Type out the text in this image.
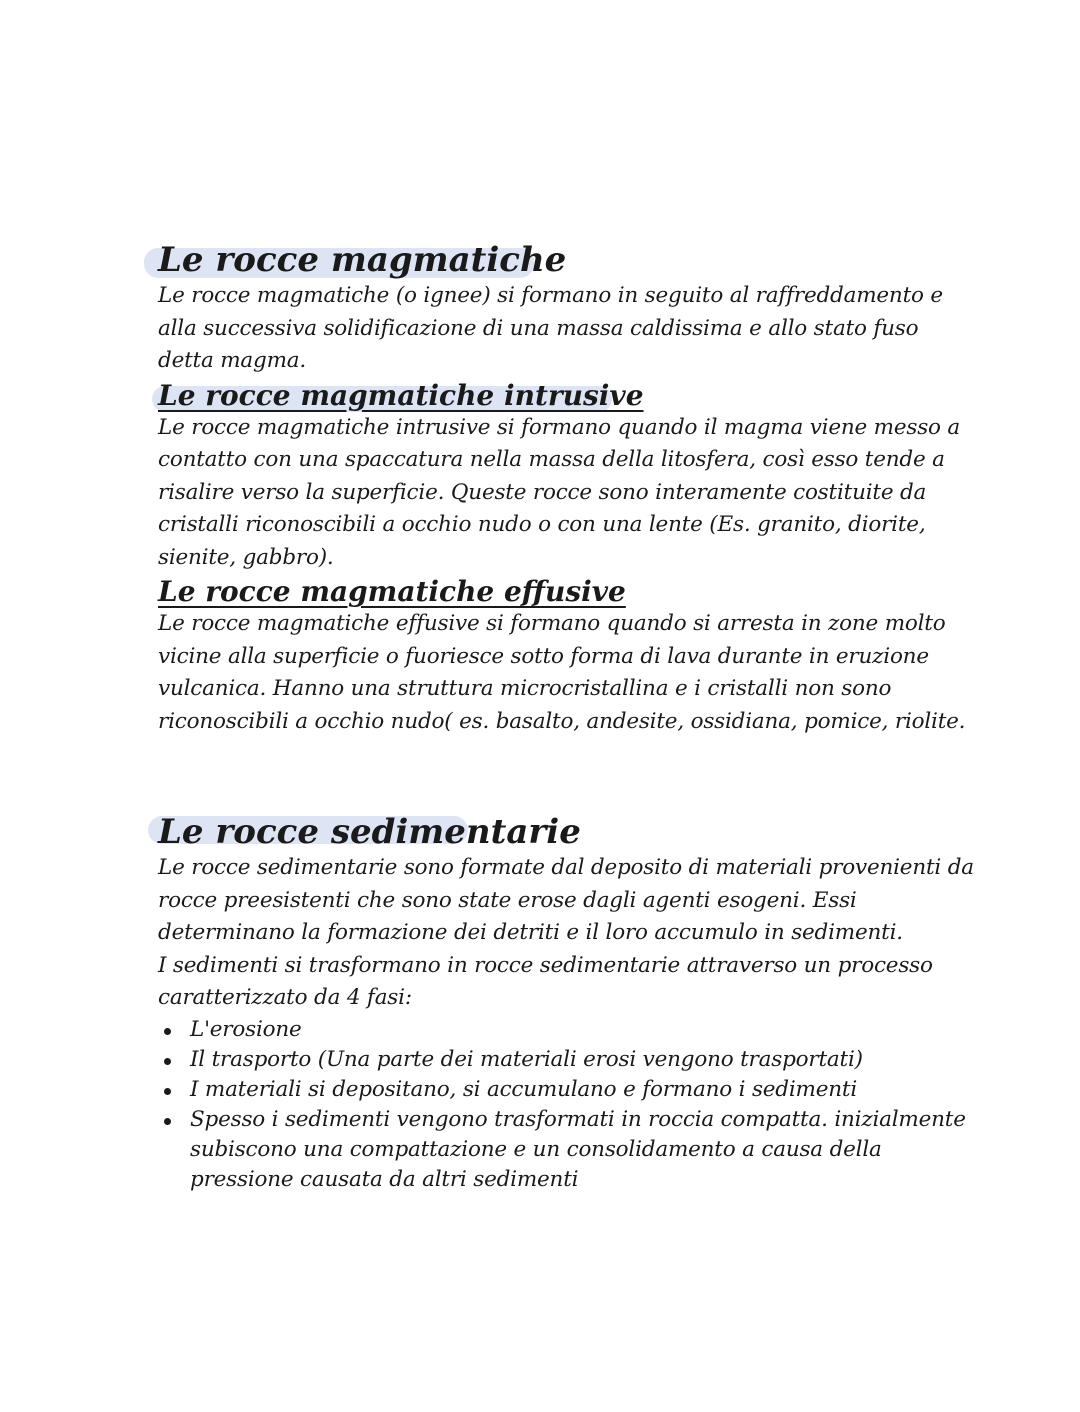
Le rocce magmatiche

Le rocce magmatiche (o ignee) si formano in seguito al raffreddamento e alla successiva solidificazione di una massa caldissima e allo stato fuso detta magma.

Le rocce magmatiche intrusive

Le rocce magmatiche intrusive si formano quando il magma viene messo a contatto con una spaccatura nella massa della litosfera, così esso tende a risalire verso la superficie. Queste rocce sono interamente costituite da cristalli riconoscibili a occhio nudo o con una lente (Es. granito, diorite, sienite, gabbro).

Le rocce magmatiche effusive

Le rocce magmatiche effusive si formano quando si arresta in zone molto vicine alla superficie o fuoriesce sotto forma di lava durante in eruzione vulcanica. Hanno una struttura microcristallina e i cristalli non sono riconoscibili a occhio nudo( es. basalto, andesite, ossidiana, pomice, riolite.

Le rocce sedimentarie

Le rocce sedimentarie sono formate dal deposito di materiali provenienti da rocce preesistenti che sono state erose dagli agenti esogeni. Essi determinano la formazione dei detriti e il loro accumulo in sedimenti.

I sedimenti si trasformano in rocce sedimentarie attraverso un processo caratterizzato da 4 fasi:

L'erosione
Il trasporto (Una parte dei materiali erosi vengono trasportati)
I materiali si depositano, si accumulano e formano i sedimenti
Spesso i sedimenti vengono trasformati in roccia compatta. inizialmente subiscono una compattazione e un consolidamento a causa della pressione causata da altri sedimenti
